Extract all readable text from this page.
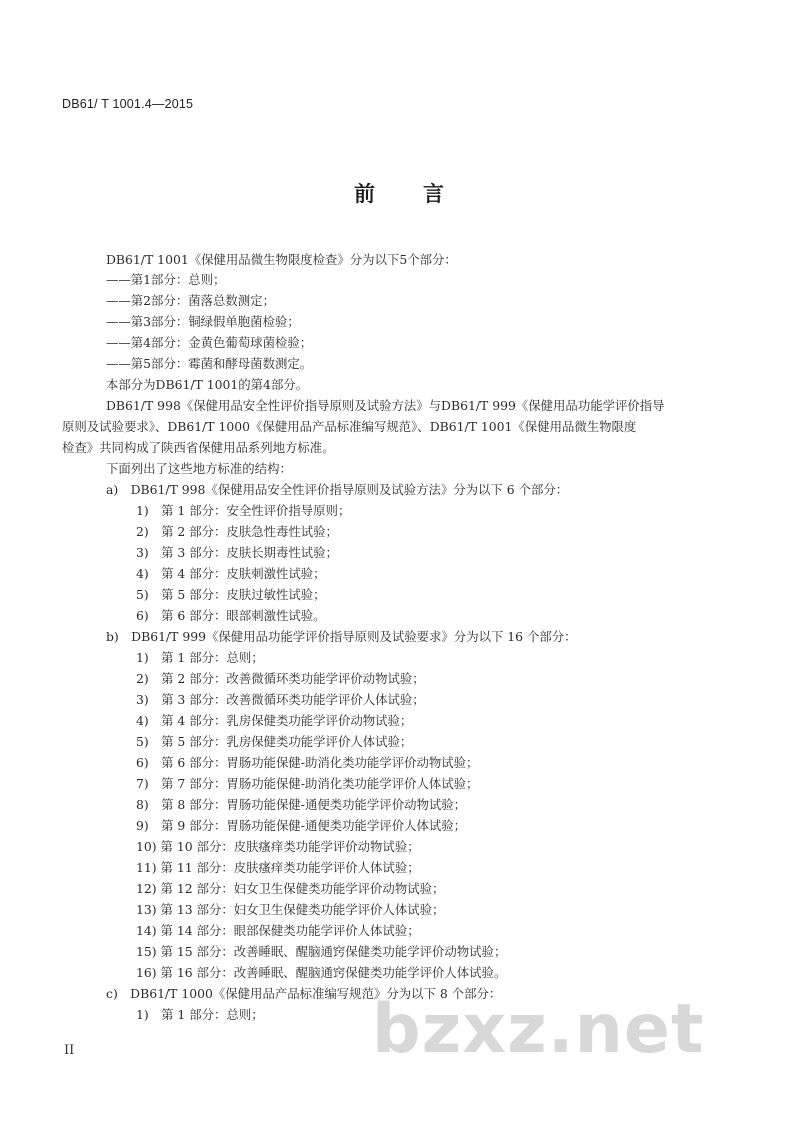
DB61/ T 1001.4—2015
前 言
DB61/T 1001《保健用品微生物限度检查》分为以下5个部分：
——第1部分：总则；
——第2部分：菌落总数测定；
——第3部分：铜绿假单胞菌检验；
——第4部分：金黄色葡萄球菌检验；
——第5部分：霉菌和酵母菌数测定。
本部分为DB61/T 1001的第4部分。
DB61/T 998《保健用品安全性评价指导原则及试验方法》与DB61/T 999《保健用品功能学评价指导
原则及试验要求》、DB61/T 1000《保健用品产品标准编写规范》、DB61/T 1001《保健用品微生物限度
检查》共同构成了陕西省保健用品系列地方标准。
下面列出了这些地方标准的结构：
a)　DB61/T 998《保健用品安全性评价指导原则及试验方法》分为以下 6 个部分：
1)　第 1 部分：安全性评价指导原则；
2)　第 2 部分：皮肤急性毒性试验；
3)　第 3 部分：皮肤长期毒性试验；
4)　第 4 部分：皮肤刺激性试验；
5)　第 5 部分：皮肤过敏性试验；
6)　第 6 部分：眼部刺激性试验。
b)　DB61/T 999《保健用品功能学评价指导原则及试验要求》分为以下 16 个部分：
1)　第 1 部分：总则；
2)　第 2 部分：改善微循环类功能学评价动物试验；
3)　第 3 部分：改善微循环类功能学评价人体试验；
4)　第 4 部分：乳房保健类功能学评价动物试验；
5)　第 5 部分：乳房保健类功能学评价人体试验；
6)　第 6 部分：胃肠功能保健-助消化类功能学评价动物试验；
7)　第 7 部分：胃肠功能保健-助消化类功能学评价人体试验；
8)　第 8 部分：胃肠功能保健-通便类功能学评价动物试验；
9)　第 9 部分：胃肠功能保健-通便类功能学评价人体试验；
10) 第 10 部分：皮肤瘙痒类功能学评价动物试验；
11) 第 11 部分：皮肤瘙痒类功能学评价人体试验；
12) 第 12 部分：妇女卫生保健类功能学评价动物试验；
13) 第 13 部分：妇女卫生保健类功能学评价人体试验；
14) 第 14 部分：眼部保健类功能学评价人体试验；
15) 第 15 部分：改善睡眠、醒脑通窍保健类功能学评价动物试验；
16) 第 16 部分：改善睡眠、醒脑通窍保健类功能学评价人体试验。
c)　DB61/T 1000《保健用品产品标准编写规范》分为以下 8 个部分：
1)　第 1 部分：总则；
II	bzxz.net
